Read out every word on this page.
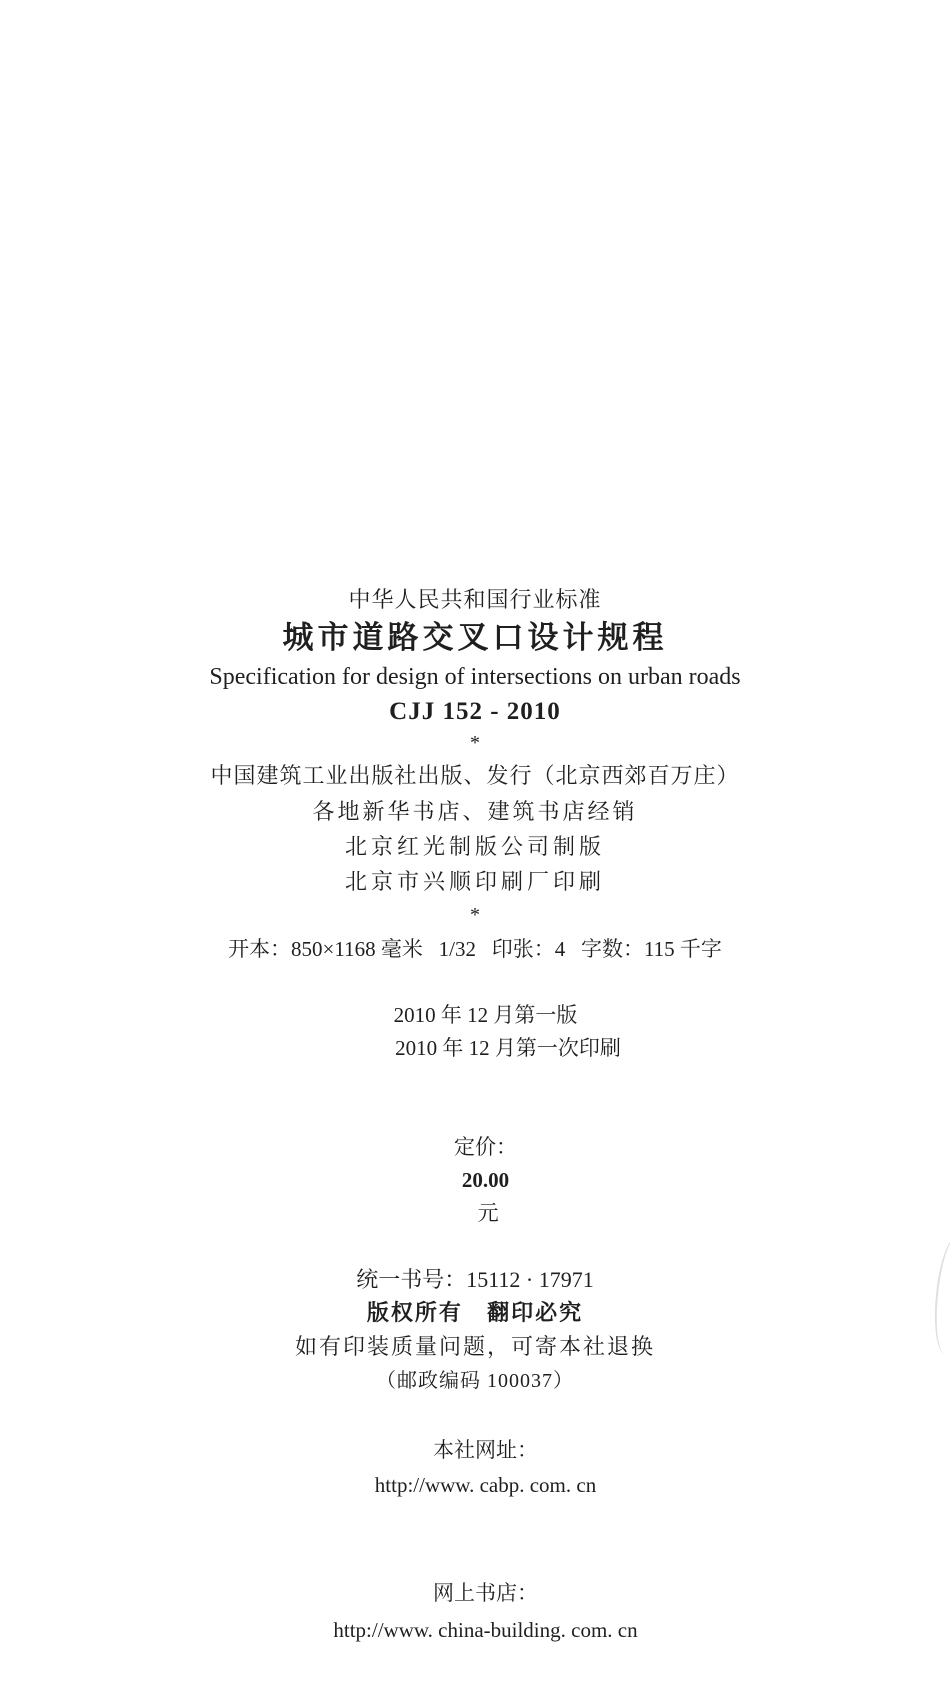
中华人民共和国行业标准
城市道路交叉口设计规程
Specification for design of intersections on urban roads
CJJ 152 - 2010
*
中国建筑工业出版社出版、发行（北京西郊百万庄）
各地新华书店、建筑书店经销
北京红光制版公司制版
北京市兴顺印刷厂印刷
*
开本：850×1168 毫米   1/32   印张：4   字数：115 千字

2010 年 12 月第一版
2010 年 12 月第一次印刷

定价：
20.00
元

统一书号：15112 · 17971
版权所有   翻印必究
如有印装质量问题，可寄本社退换
（邮政编码 100037）

本社网址：
http://www. cabp. com. cn

网上书店：
http://www. china-building. com. cn
